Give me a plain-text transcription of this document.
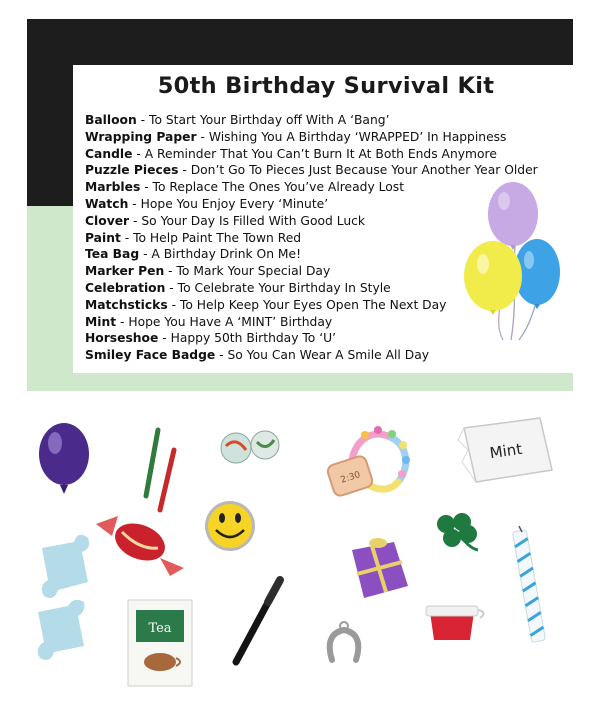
50th Birthday Survival Kit
Balloon - To Start Your Birthday off With A ‘Bang’
Wrapping Paper - Wishing You A Birthday ‘WRAPPED’ In Happiness
Candle - A Reminder That You Can’t Burn It At Both Ends Anymore
Puzzle Pieces - Don’t Go To Pieces Just Because Your Another Year Older
Marbles - To Replace The Ones You’ve Already Lost
Watch - Hope You Enjoy Every ‘Minute’
Clover - So Your Day Is Filled With Good Luck
Paint - To Help Paint The Town Red
Tea Bag - A Birthday Drink On Me!
Marker Pen - To Mark Your Special Day
Celebration - To Celebrate Your Birthday In Style
Matchsticks - To Help Keep Your Eyes Open The Next Day
Mint - Hope You Have A ‘MINT’ Birthday
Horseshoe - Happy 50th Birthday To ‘U’
Smiley Face Badge - So You Can Wear A Smile All Day
2:30
Mint
Tea
